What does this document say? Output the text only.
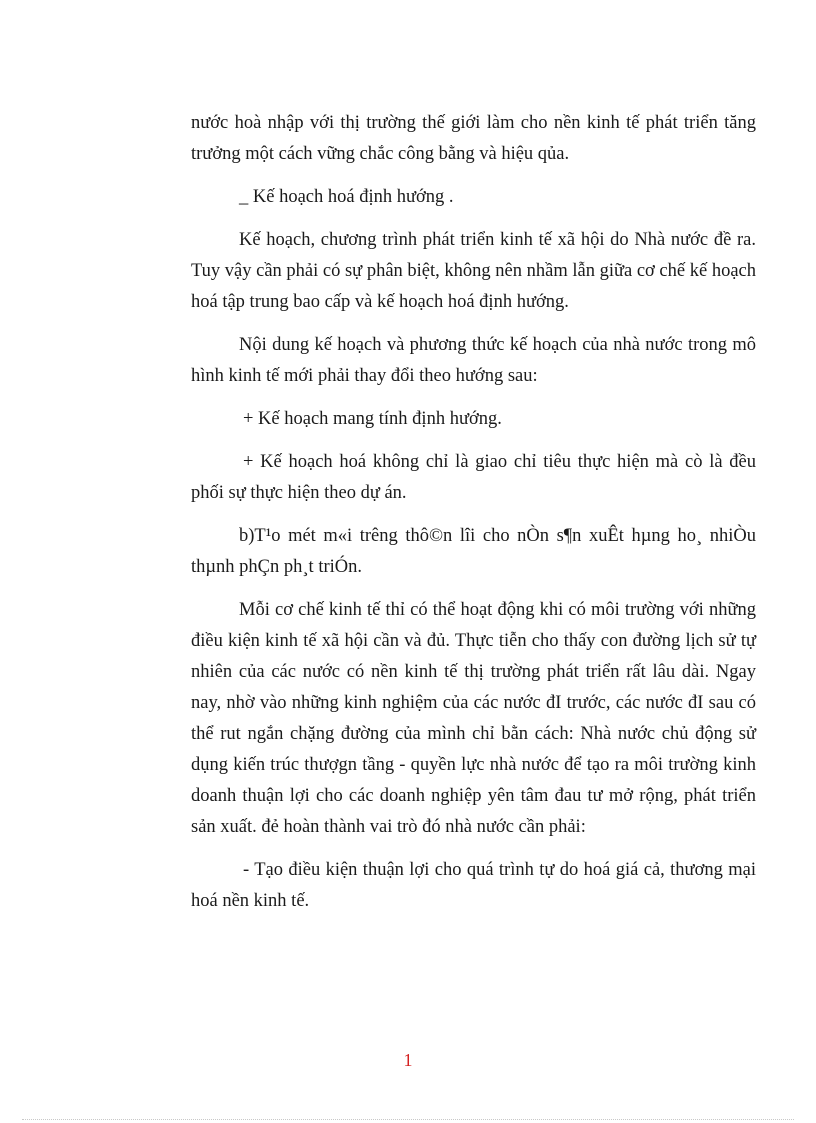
nước hoà nhập với thị trường thế giới làm cho nền kinh tế phát triển tăng trưởng một cách vững chắc công bằng và hiệu qủa.

_ Kế hoạch hoá định hướng .

Kế hoạch, chương trình phát triển kinh tế xã hội do Nhà nước đề ra. Tuy vậy cần phải có sự phân biệt, không nên nhầm lẫn giữa cơ chế kế hoạch hoá tập trung bao cấp và kế hoạch hoá định hướng.

Nội dung kế hoạch và phương thức kế hoạch của nhà nước trong mô hình kinh tế mới phải thay đổi theo hướng sau:

+ Kế hoạch mang tính định hướng.

+ Kế hoạch hoá không chỉ là giao chỉ tiêu thực hiện mà cò là đều phối sự thực hiện theo dự án.

b)T¹o mét m«i trêng thô©n lîi cho nÒn s¶n xuÊt hµng ho¸ nhiÒu thµnh phÇn ph¸t triÓn.

Mỗi cơ chế kinh tế thỉ có thể hoạt động khi có môi trường với những điều kiện kinh tế xã hội cần và đủ. Thực tiễn cho thấy con đường lịch sử tự nhiên của các nước có nền kinh tế thị trường phát triển rất lâu dài. Ngay nay, nhờ vào những kinh nghiệm của các nước đI trước, các nước đI sau có thể rut ngắn chặng đường của mình chỉ bằn cách: Nhà nước chủ động sử dụng kiến trúc thượgn tầng - quyền lực nhà nước để tạo ra môi trường kinh doanh thuận lợi cho các doanh nghiệp yên tâm đau tư mở rộng, phát triển sản xuất. đẻ hoàn thành vai trò đó nhà nước cần phải:

- Tạo điều kiện thuận lợi cho quá trình tự do hoá giá cả, thương mại hoá nền kinh tế.

1
